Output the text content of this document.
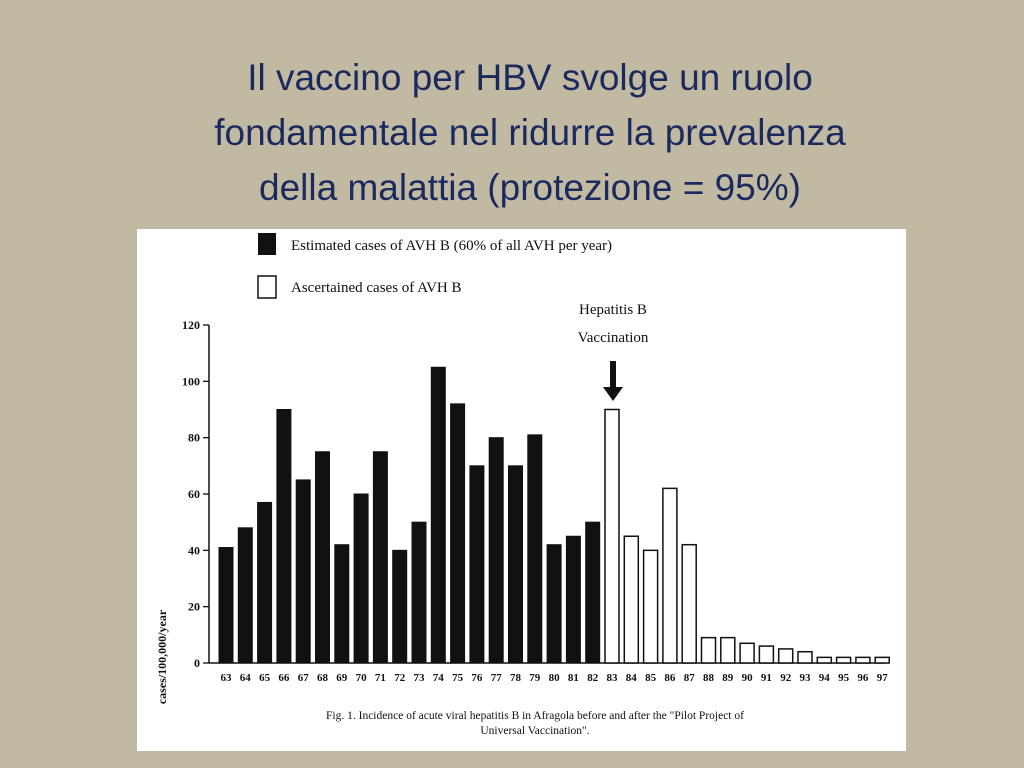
Il vaccino per HBV svolge un ruolo
fondamentale nel ridurre la prevalenza
della malattia (protezione = 95%)
Estimated cases of AVH B (60% of all AVH per year)
Ascertained cases of AVH B
cases/100,000/year 0
20
40
60
80
100
120
63 64 65 66 67 68 69 70 71 72 73 74 75 76 77 78 79 80 81 82 83 84 85 86 87 88 89 90 91 92 93 94 95 96 97
Hepatitis B
Vaccination
Fig. 1. Incidence of acute viral hepatitis B in Afragola before and after the "Pilot Project of
Universal Vaccination".
